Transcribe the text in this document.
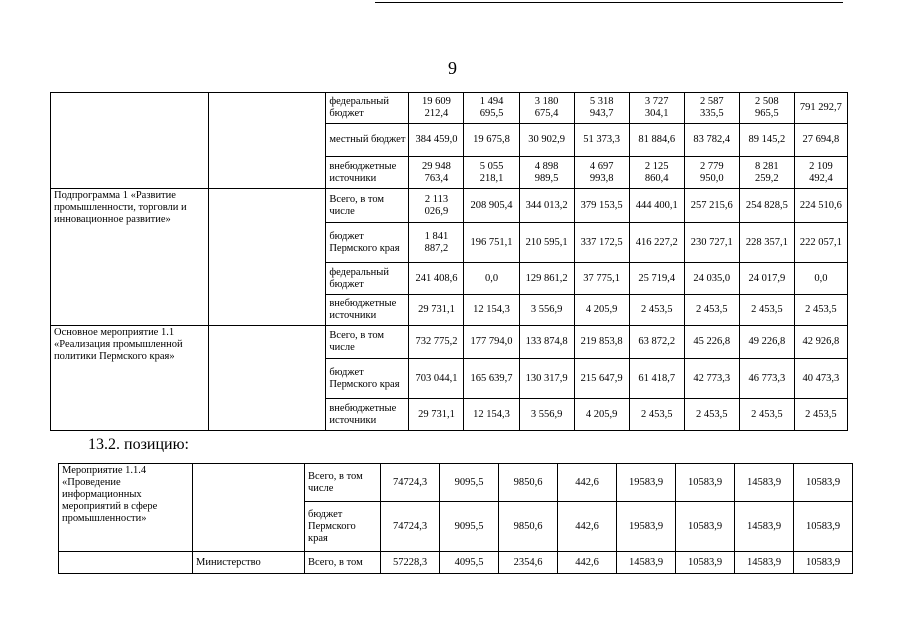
9
		федеральный бюджет	19 609 212,4	1 494 695,5	3 180 675,4	5 318 943,7	3 727 304,1	2 587 335,5	2 508 965,5	791 292,7
		местный бюджет	384 459,0	19 675,8	30 902,9	51 373,3	81 884,6	83 782,4	89 145,2	27 694,8
		внебюджетные источники	29 948 763,4	5 055 218,1	4 898 989,5	4 697 993,8	2 125 860,4	2 779 950,0	8 281 259,2	2 109 492,4
Подпрограмма 1 «Развитие промышленности, торговли и инновационное развитие»		Всего, в том числе	2 113 026,9	208 905,4	344 013,2	379 153,5	444 400,1	257 215,6	254 828,5	224 510,6
		бюджет Пермского края	1 841 887,2	196 751,1	210 595,1	337 172,5	416 227,2	230 727,1	228 357,1	222 057,1
		федеральный бюджет	241 408,6	0,0	129 861,2	37 775,1	25 719,4	24 035,0	24 017,9	0,0
		внебюджетные источники	29 731,1	12 154,3	3 556,9	4 205,9	2 453,5	2 453,5	2 453,5	2 453,5
Основное мероприятие 1.1 «Реализация промышленной политики Пермского края»		Всего, в том числе	732 775,2	177 794,0	133 874,8	219 853,8	63 872,2	45 226,8	49 226,8	42 926,8
		бюджет Пермского края	703 044,1	165 639,7	130 317,9	215 647,9	61 418,7	42 773,3	46 773,3	40 473,3
		внебюджетные источники	29 731,1	12 154,3	3 556,9	4 205,9	2 453,5	2 453,5	2 453,5	2 453,5
13.2. позицию:
Мероприятие 1.1.4 «Проведение информационных мероприятий в сфере промышленности»		Всего, в том числе	74724,3	9095,5	9850,6	442,6	19583,9	10583,9	14583,9	10583,9
		бюджет Пермского края	74724,3	9095,5	9850,6	442,6	19583,9	10583,9	14583,9	10583,9
	Министерство	Всего, в том	57228,3	4095,5	2354,6	442,6	14583,9	10583,9	14583,9	10583,9
